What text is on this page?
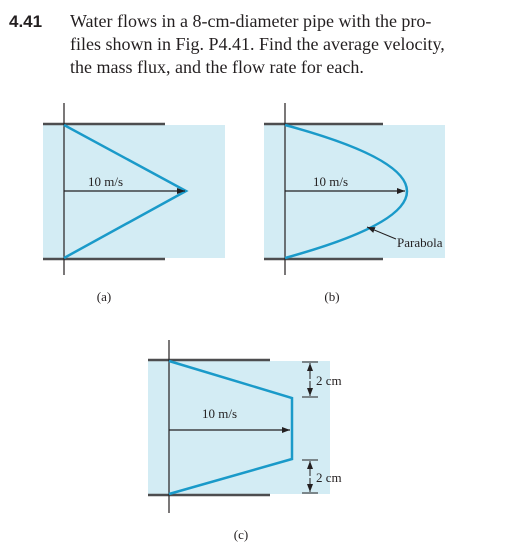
4.41 Water flows in a 8-cm-diameter pipe with the pro-
files shown in Fig. P4.41. Find the average velocity,
the mass flux, and the flow rate for each.

10 m/s
(a)
10 m/s
Parabola
(b)
10 m/s
2 cm
2 cm
(c)
